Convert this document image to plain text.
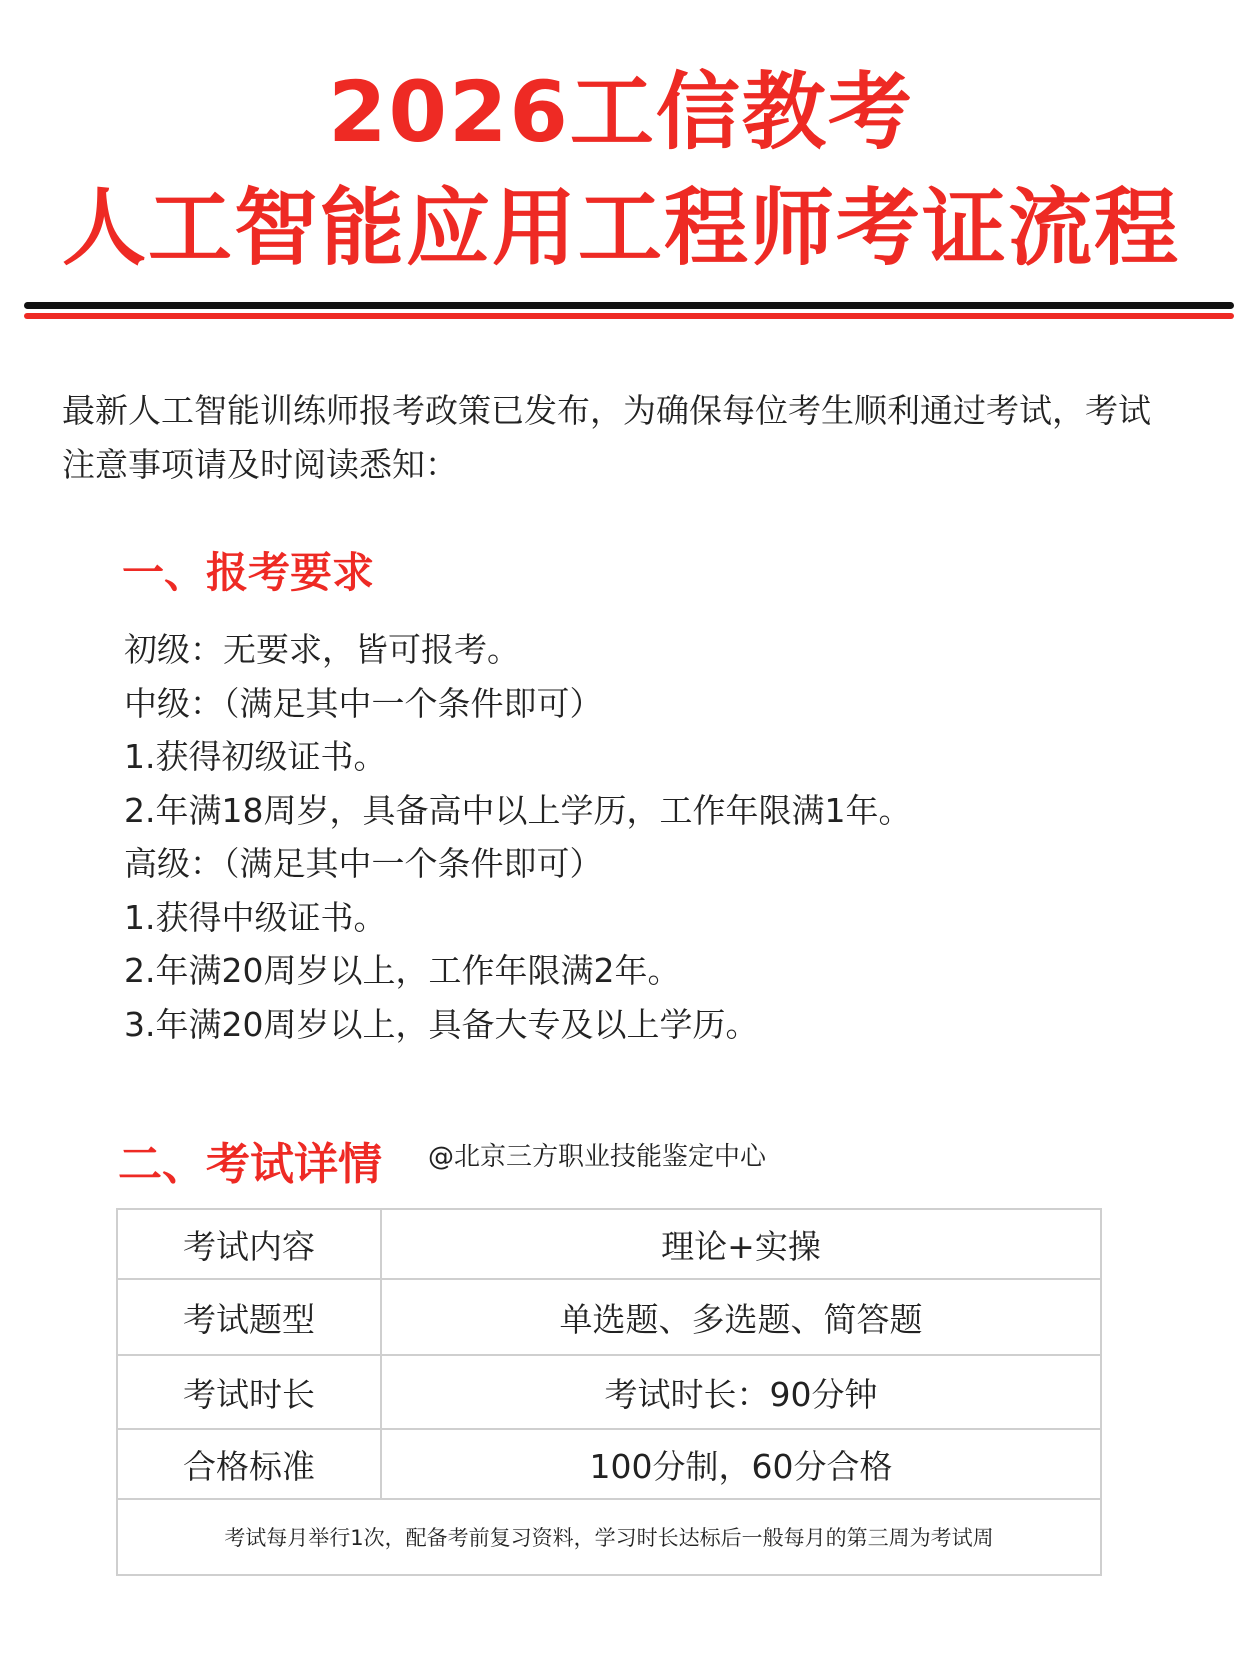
2026工信教考
人工智能应用工程师考证流程
最新人工智能训练师报考政策已发布，为确保每位考生顺利通过考试，考试注意事项请及时阅读悉知：
一、报考要求
初级：无要求，皆可报考。
中级：（满足其中一个条件即可）
1.获得初级证书。
2.年满18周岁，具备高中以上学历，工作年限满1年。
高级：（满足其中一个条件即可）
1.获得中级证书。
2.年满20周岁以上，工作年限满2年。
3.年满20周岁以上，具备大专及以上学历。
二、考试详情 @北京三方职业技能鉴定中心
考试内容	理论+实操
考试题型	单选题、多选题、简答题
考试时长	考试时长：90分钟
合格标准	100分制，60分合格
考试每月举行1次，配备考前复习资料，学习时长达标后一般每月的第三周为考试周	
